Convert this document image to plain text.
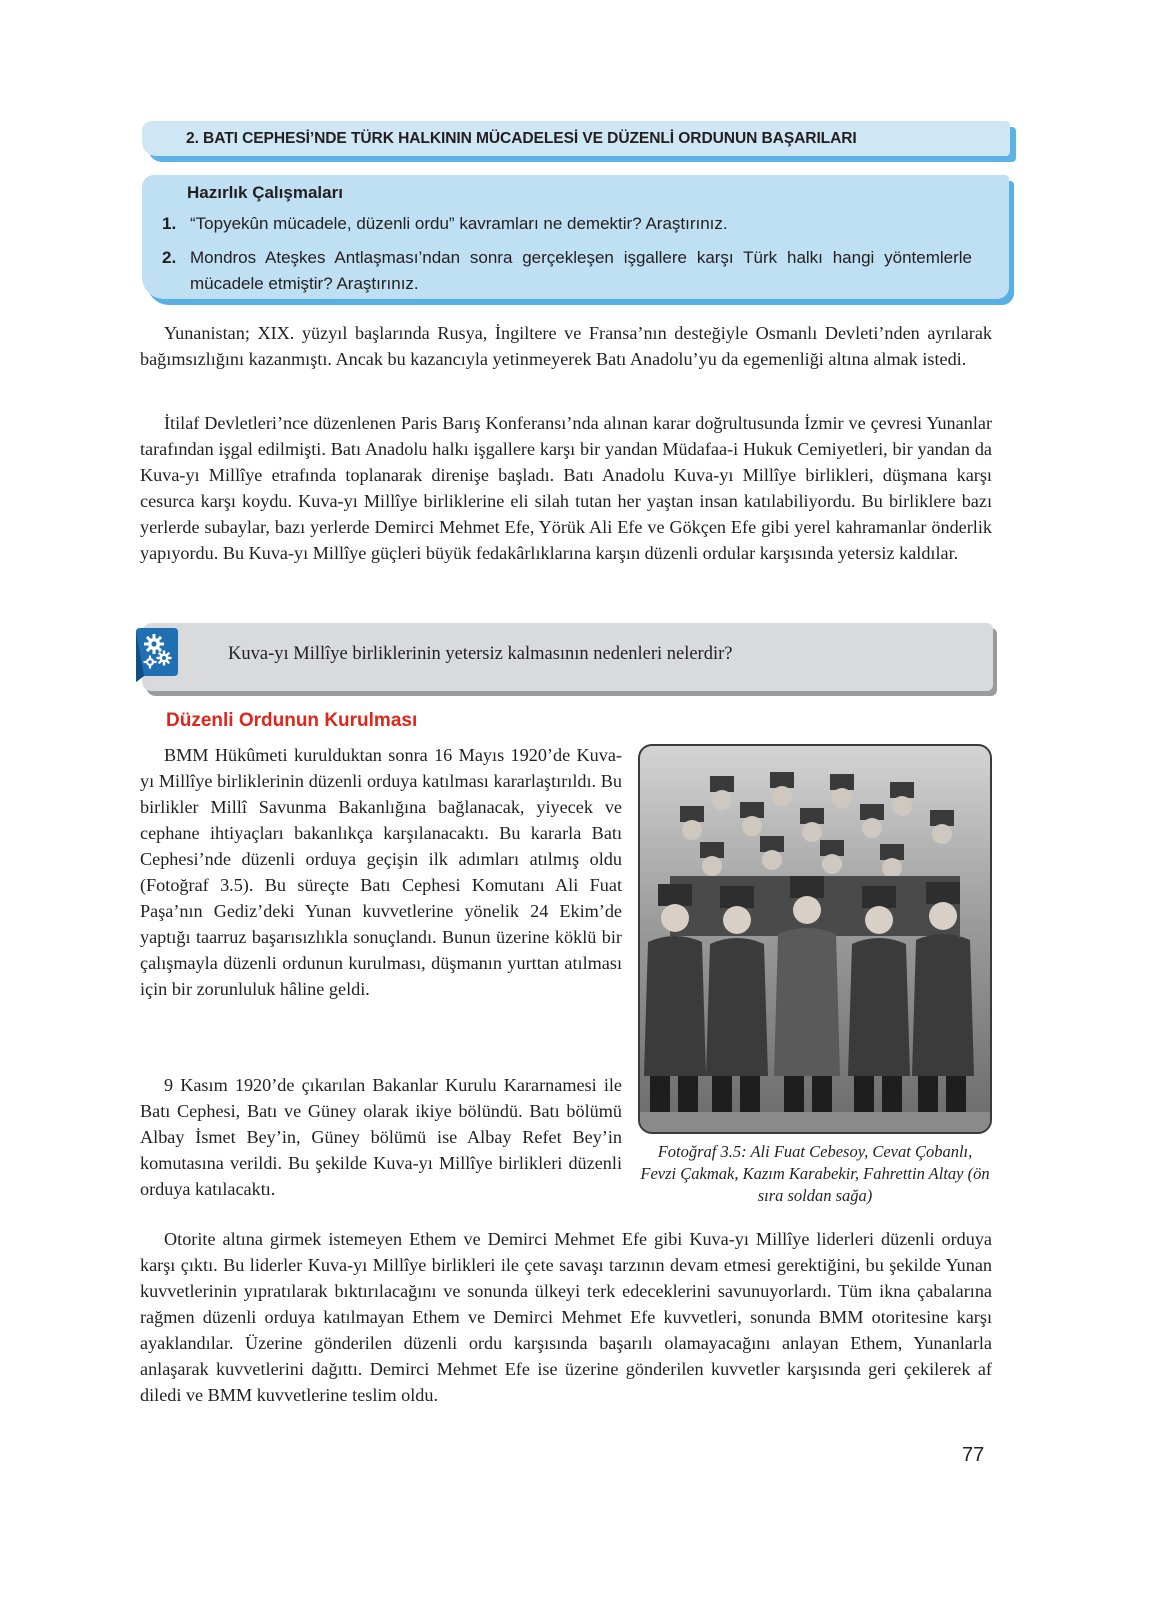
2. BATI CEPHESİ’NDE TÜRK HALKININ MÜCADELESİ VE DÜZENLİ ORDUNUN BAŞARILARI
Hazırlık Çalışmaları
1. “Topyekûn mücadele, düzenli ordu” kavramları ne demektir? Araştırınız.
2. Mondros Ateşkes Antlaşması’ndan sonra gerçekleşen işgallere karşı Türk halkı hangi yöntemlerle mücadele etmiştir? Araştırınız.

Yunanistan; XIX. yüzyıl başlarında Rusya, İngiltere ve Fransa’nın desteğiyle Osmanlı Devleti’nden ayrılarak bağımsızlığını kazanmıştı. Ancak bu kazancıyla yetinmeyerek Batı Anadolu’yu da egemenliği altına almak istedi.

İtilaf Devletleri’nce düzenlenen Paris Barış Konferansı’nda alınan karar doğrultusunda İzmir ve çevresi Yunanlar tarafından işgal edilmişti. Batı Anadolu halkı işgallere karşı bir yandan Müdafaa-i Hukuk Cemiyetleri, bir yandan da Kuva-yı Millîye etrafında toplanarak direnişe başladı. Batı Anadolu Kuva-yı Millîye birlikleri, düşmana karşı cesurca karşı koydu. Kuva-yı Millîye birliklerine eli silah tutan her yaştan insan katılabiliyordu. Bu birliklere bazı yerlerde subaylar, bazı yerlerde Demirci Mehmet Efe, Yörük Ali Efe ve Gökçen Efe gibi yerel kahramanlar önderlik yapıyordu. Bu Kuva-yı Millîye güçleri büyük fedakârlıklarına karşın düzenli ordular karşısında yetersiz kaldılar.

Kuva-yı Millîye birliklerinin yetersiz kalmasının nedenleri nelerdir?
Düzenli Ordunun Kurulması

BMM Hükûmeti kurulduktan sonra 16 Mayıs 1920’de Kuva-yı Millîye birliklerinin düzenli orduya katılması kararlaştırıldı. Bu birlikler Millî Savunma Bakanlığına bağlanacak, yiyecek ve cephane ihtiyaçları bakanlıkça karşılanacaktı. Bu kararla Batı Cephesi’nde düzenli orduya geçişin ilk adımları atılmış oldu (Fotoğraf 3.5). Bu süreçte Batı Cephesi Komutanı Ali Fuat Paşa’nın Gediz’deki Yunan kuvvetlerine yönelik 24 Ekim’de yaptığı taarruz başarısızlıkla sonuçlandı. Bunun üzerine köklü bir çalışmayla düzenli ordunun kurulması, düşmanın yurttan atılması için bir zorunluluk hâline geldi.

9 Kasım 1920’de çıkarılan Bakanlar Kurulu Kararnamesi ile Batı Cephesi, Batı ve Güney olarak ikiye bölündü. Batı bölümü Albay İsmet Bey’in, Güney bölümü ise Albay Refet Bey’in komutasına verildi. Bu şekilde Kuva-yı Millîye birlikleri düzenli orduya katılacaktı.

Fotoğraf 3.5: Ali Fuat Cebesoy, Cevat Çobanlı, Fevzi Çakmak, Kazım Karabekir, Fahrettin Altay (ön sıra soldan sağa)

Otorite altına girmek istemeyen Ethem ve Demirci Mehmet Efe gibi Kuva-yı Millîye liderleri düzenli orduya karşı çıktı. Bu liderler Kuva-yı Millîye birlikleri ile çete savaşı tarzının devam etmesi gerektiğini, bu şekilde Yunan kuvvetlerinin yıpratılarak bıktırılacağını ve sonunda ülkeyi terk edeceklerini savunuyorlardı. Tüm ikna çabalarına rağmen düzenli orduya katılmayan Ethem ve Demirci Mehmet Efe kuvvetleri, sonunda BMM otoritesine karşı ayaklandılar. Üzerine gönderilen düzenli ordu karşısında başarılı olamayacağını anlayan Ethem, Yunanlarla anlaşarak kuvvetlerini dağıttı. Demirci Mehmet Efe ise üzerine gönderilen kuvvetler karşısında geri çekilerek af diledi ve BMM kuvvetlerine teslim oldu.

77
